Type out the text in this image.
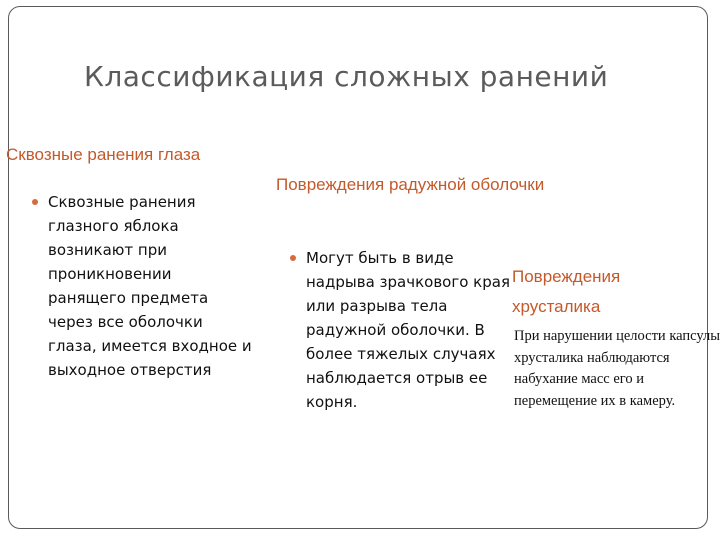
Классификация сложных ранений
Сквозные ранения глаза
Повреждения радужной оболочки
Повреждения хрусталика
Сквозные ранения глазного яблока возникают при проникновении ранящего предмета через все оболочки глаза, имеется входное и выходное отверстия
Могут быть в виде надрыва зрачкового края или разрыва тела радужной оболочки. В более тяжелых случаях наблюдается отрыв ее корня.
При нарушении целости капсулы хрусталика наблюдаются набухание масс его и перемещение их в камеру.
